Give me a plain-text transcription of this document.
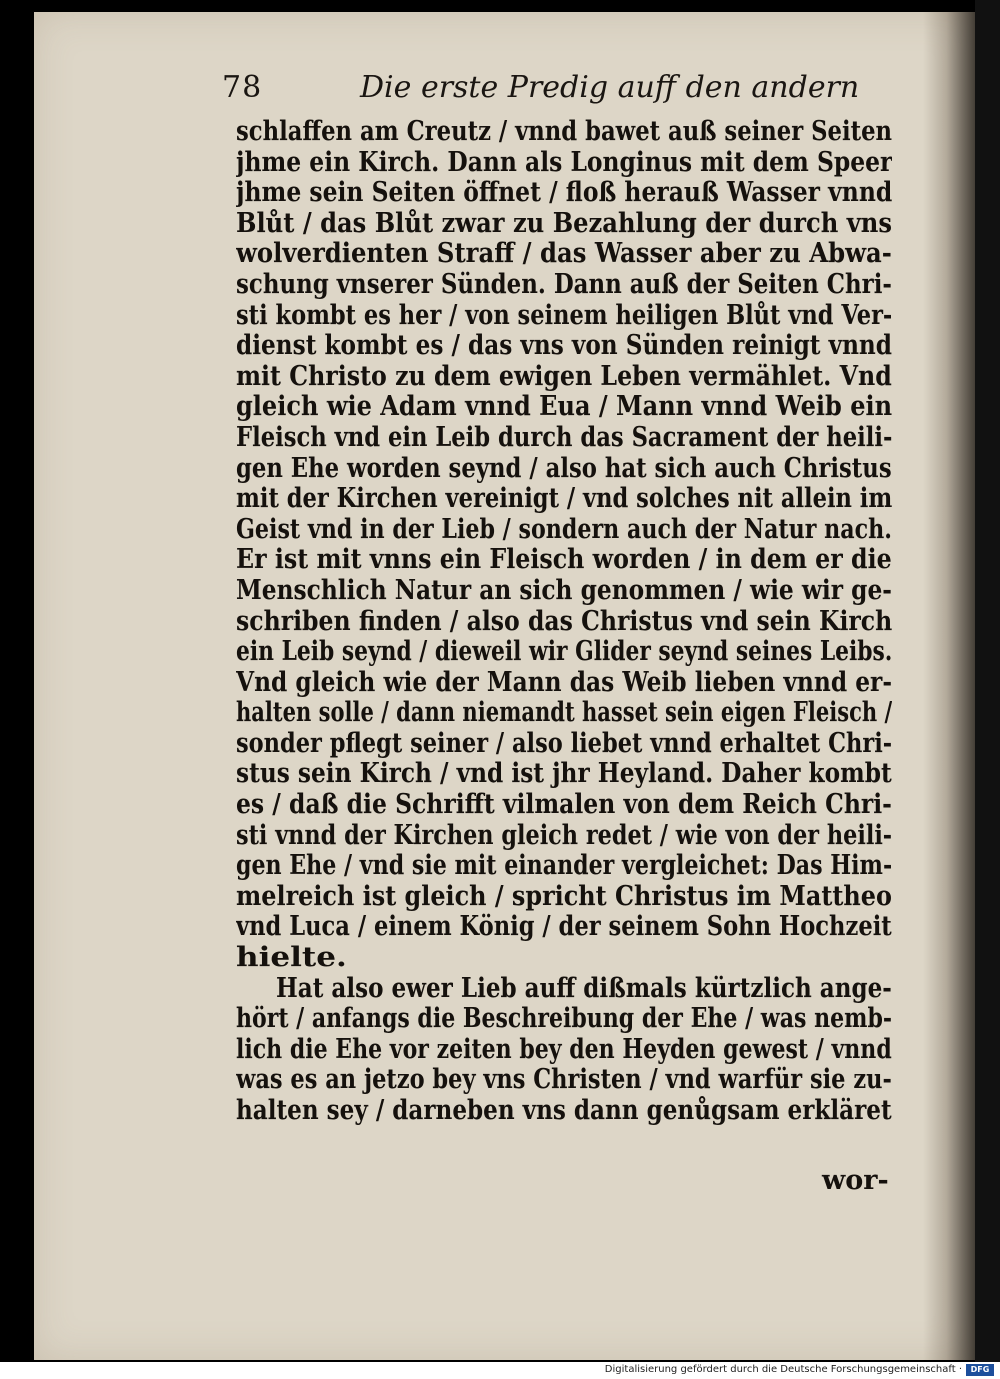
78	Die erste Predig auff den andern
schlaffen am Creutz / vnnd bawet auß seiner Seiten
jhme ein Kirch. Dann als Longinus mit dem Speer
jhme sein Seiten öffnet / floß herauß Wasser vnnd
Blůt / das Blůt zwar zu Bezahlung der durch vns
wolverdienten Straff / das Wasser aber zu Abwa-
schung vnserer Sünden. Dann auß der Seiten Chri-
sti kombt es her / von seinem heiligen Blůt vnd Ver-
dienst kombt es / das vns von Sünden reinigt vnnd
mit Christo zu dem ewigen Leben vermählet. Vnd
gleich wie Adam vnnd Eua / Mann vnnd Weib ein
Fleisch vnd ein Leib durch das Sacrament der heili-
gen Ehe worden seynd / also hat sich auch Christus
mit der Kirchen vereinigt / vnd solches nit allein im
Geist vnd in der Lieb / sondern auch der Natur nach.
Er ist mit vnns ein Fleisch worden / in dem er die
Menschlich Natur an sich genommen / wie wir ge-
schriben finden / also das Christus vnd sein Kirch
ein Leib seynd / dieweil wir Glider seynd seines Leibs.
Vnd gleich wie der Mann das Weib lieben vnnd er-
halten solle / dann niemandt hasset sein eigen Fleisch /
sonder pflegt seiner / also liebet vnnd erhaltet Chri-
stus sein Kirch / vnd ist jhr Heyland. Daher kombt
es / daß die Schrifft vilmalen von dem Reich Chri-
sti vnnd der Kirchen gleich redet / wie von der heili-
gen Ehe / vnd sie mit einander vergleichet: Das Him-
melreich ist gleich / spricht Christus im Mattheo
vnd Luca / einem König / der seinem Sohn Hochzeit
hielte.
Hat also ewer Lieb auff dißmals kürtzlich ange-
hört / anfangs die Beschreibung der Ehe / was nemb-
lich die Ehe vor zeiten bey den Heyden gewest / vnnd
was es an jetzo bey vns Christen / vnd warfür sie zu-
halten sey / darneben vns dann genůgsam erkläret
wor-
Digitalisierung gefördert durch die Deutsche Forschungsgemeinschaft ·	DFG
